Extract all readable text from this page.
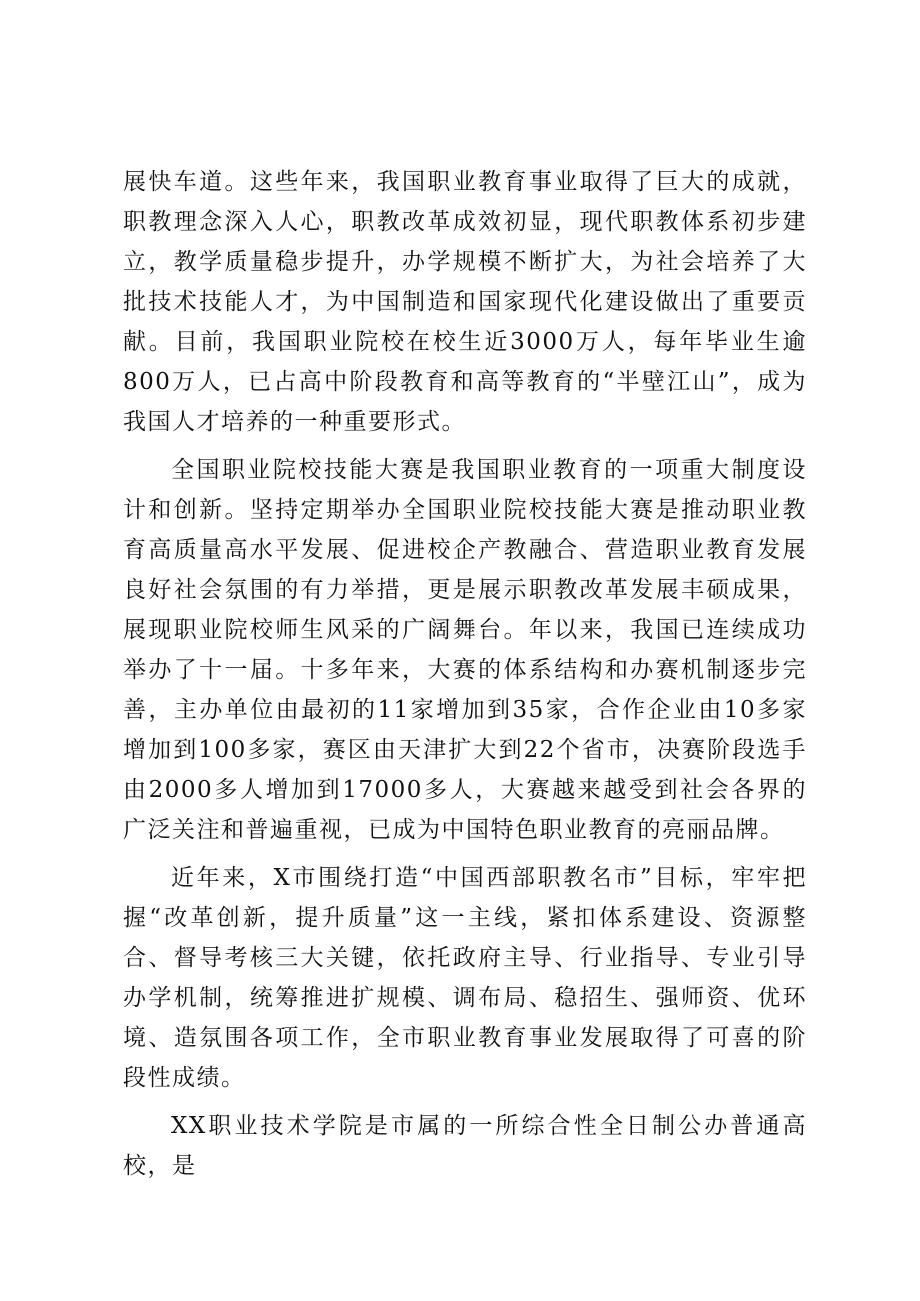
展快车道。这些年来，我国职业教育事业取得了巨大的成就，职教理念深入人心，职教改革成效初显，现代职教体系初步建立，教学质量稳步提升，办学规模不断扩大，为社会培养了大批技术技能人才，为中国制造和国家现代化建设做出了重要贡献。目前，我国职业院校在校生近3000万人，每年毕业生逾800万人，已占高中阶段教育和高等教育的“半壁江山”，成为我国人才培养的一种重要形式。

全国职业院校技能大赛是我国职业教育的一项重大制度设计和创新。坚持定期举办全国职业院校技能大赛是推动职业教育高质量高水平发展、促进校企产教融合、营造职业教育发展良好社会氛围的有力举措，更是展示职教改革发展丰硕成果，展现职业院校师生风采的广阔舞台。年以来，我国已连续成功举办了十一届。十多年来，大赛的体系结构和办赛机制逐步完善，主办单位由最初的11家增加到35家，合作企业由10多家增加到100多家，赛区由天津扩大到22个省市，决赛阶段选手由2000多人增加到17000多人，大赛越来越受到社会各界的广泛关注和普遍重视，已成为中国特色职业教育的亮丽品牌。

近年来，X市围绕打造“中国西部职教名市”目标，牢牢把握“改革创新，提升质量”这一主线，紧扣体系建设、资源整合、督导考核三大关键，依托政府主导、行业指导、专业引导办学机制，统筹推进扩规模、调布局、稳招生、强师资、优环境、造氛围各项工作，全市职业教育事业发展取得了可喜的阶段性成绩。

XX职业技术学院是市属的一所综合性全日制公办普通高校，是
